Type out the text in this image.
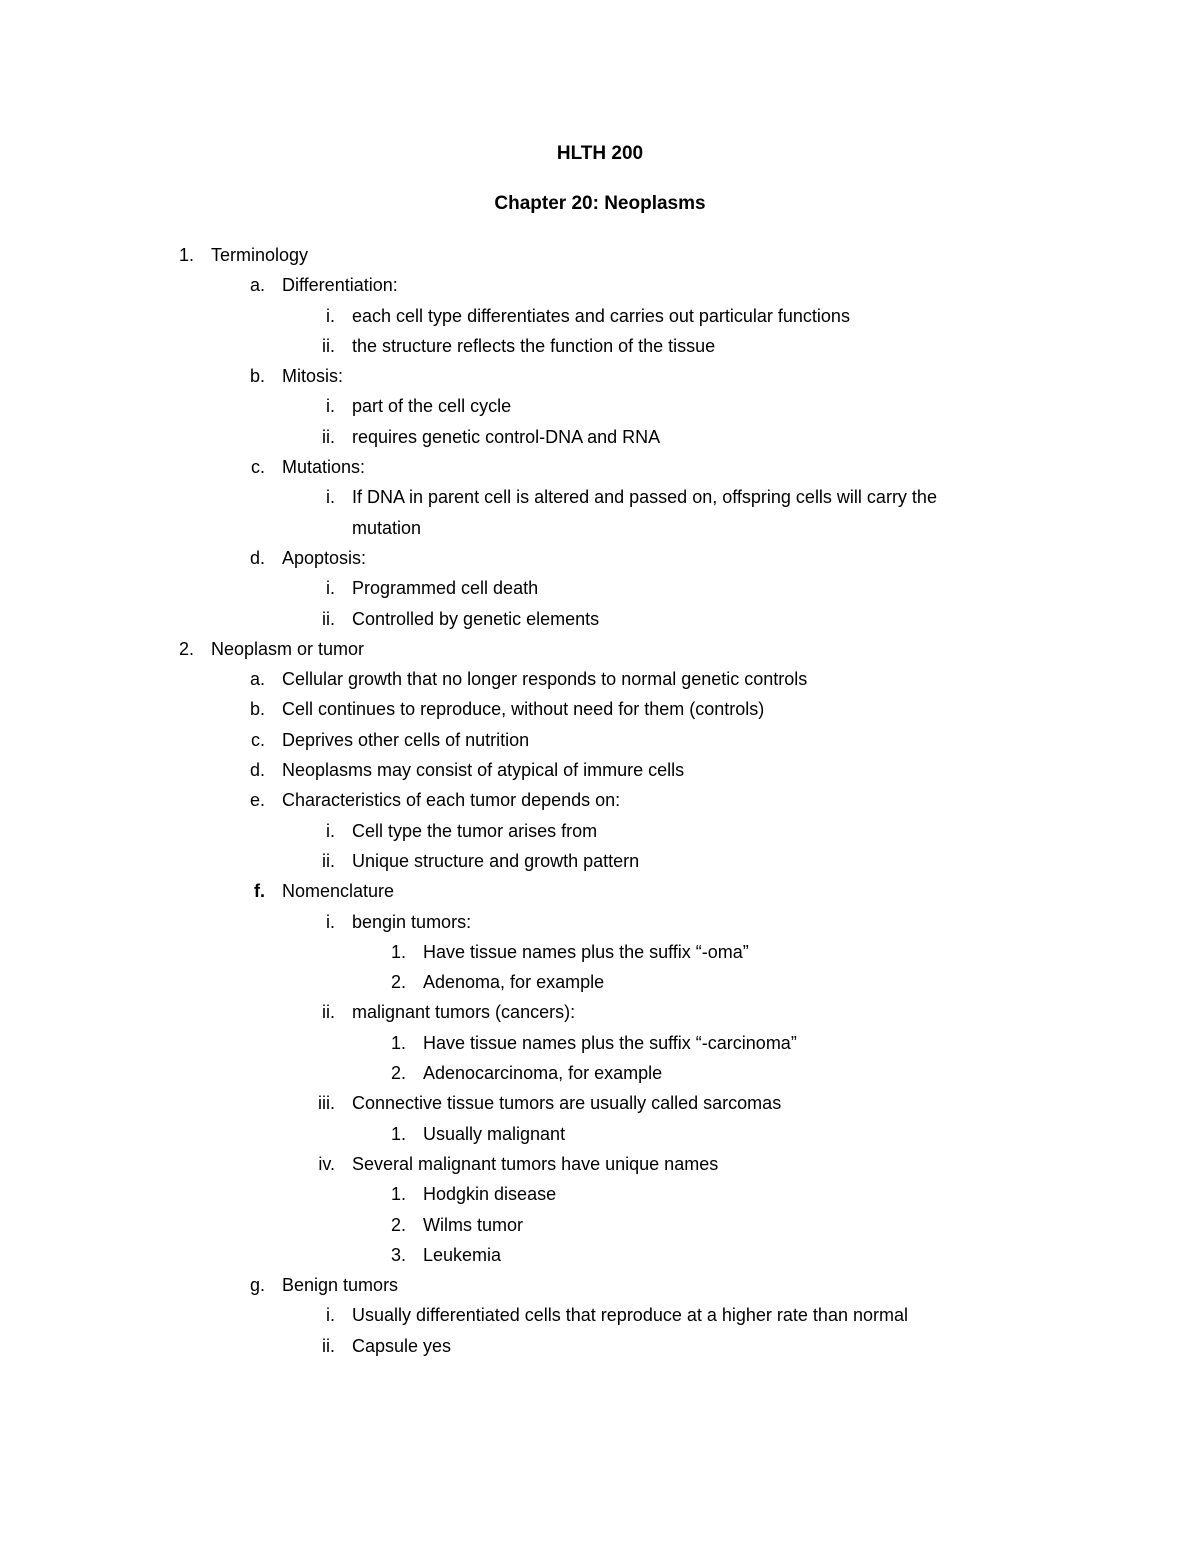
HLTH 200
Chapter 20: Neoplasms
1. Terminology
a. Differentiation:
i. each cell type differentiates and carries out particular functions
ii. the structure reflects the function of the tissue
b. Mitosis:
i. part of the cell cycle
ii. requires genetic control-DNA and RNA
c. Mutations:
i. If DNA in parent cell is altered and passed on, offspring cells will carry the
mutation
d. Apoptosis:
i. Programmed cell death
ii. Controlled by genetic elements
2. Neoplasm or tumor
a. Cellular growth that no longer responds to normal genetic controls
b. Cell continues to reproduce, without need for them (controls)
c. Deprives other cells of nutrition
d. Neoplasms may consist of atypical of immure cells
e. Characteristics of each tumor depends on:
i. Cell type the tumor arises from
ii. Unique structure and growth pattern
f. Nomenclature
i. bengin tumors:
1. Have tissue names plus the suffix “-oma”
2. Adenoma, for example
ii. malignant tumors (cancers):
1. Have tissue names plus the suffix “-carcinoma”
2. Adenocarcinoma, for example
iii. Connective tissue tumors are usually called sarcomas
1. Usually malignant
iv. Several malignant tumors have unique names
1. Hodgkin disease
2. Wilms tumor
3. Leukemia
g. Benign tumors
i. Usually differentiated cells that reproduce at a higher rate than normal
ii. Capsule yes
